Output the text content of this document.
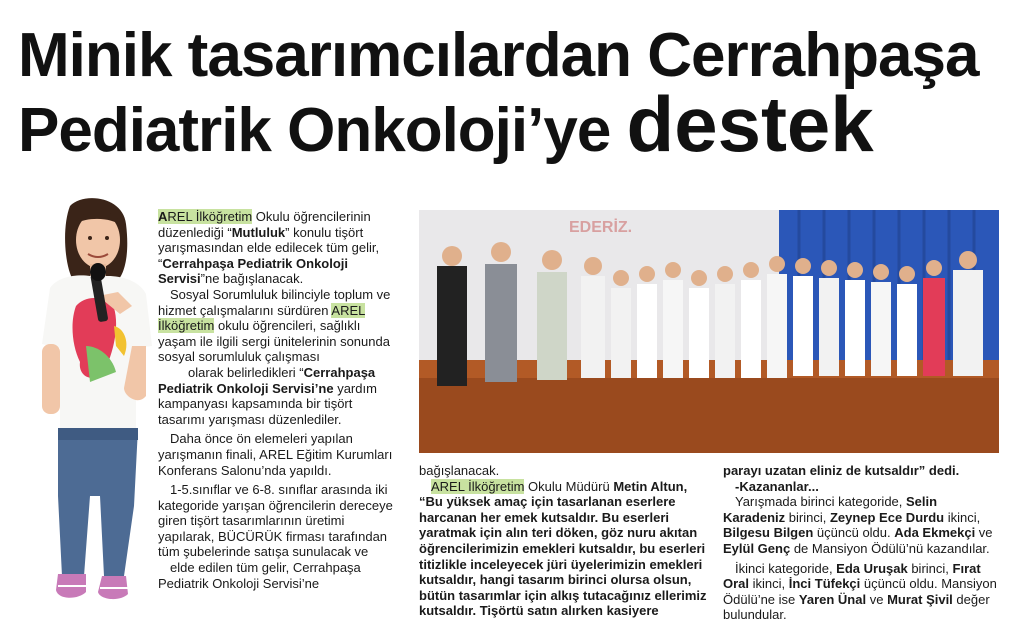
Minik tasarımcılardan Cerrahpaşa
Pediatrik Onkoloji’ye destek

AREL İlköğretim Okulu öğrencilerinin düzenlediği “Mutluluk” konulu tişört yarışmasından elde edilecek tüm gelir, “Cerrahpaşa Pediatrik Onkoloji Servisi”ne bağışlanacak.

Sosyal Sorumluluk bilinciyle toplum ve hizmet çalışmalarını sürdüren AREL İlköğretim okulu öğrencileri, sağlıklı yaşam ile ilgili sergi ünitelerinin sonunda sosyal sorumluluk çalışması

olarak belirledikleri “Cerrahpaşa Pediatrik Onkoloji Servisi’ne yardım kampanyası kapsamında bir tişört tasarımı yarışması düzenlediler.

Daha önce ön elemeleri yapılan yarışmanın finali, AREL Eğitim Kurumları Konferans Salonu’nda yapıldı.

1-5.sınıflar ve 6-8. sınıflar arasında iki kategoride yarışan öğrencilerin dereceye giren tişört tasarımlarının üretimi yapılarak, BÜCÜRÜK firması tarafından tüm şubelerinde satışa sunulacak ve

elde edilen tüm gelir, Cerrahpaşa Pediatrik Onkoloji Servisi’ne

EDERİZ.

bağışlanacak.

AREL İlköğretim Okulu Müdürü Metin Altun, “Bu yüksek amaç için tasarlanan eserlere harcanan her emek kutsaldır. Bu eserleri yaratmak için alın teri döken, göz nuru akıtan öğrencilerimizin emekleri kutsaldır, bu eserleri titizlikle inceleyecek jüri üyelerimizin emekleri kutsaldır, hangi tasarım birinci olursa olsun, bütün tasarımlar için alkış tutacağınız ellerimiz kutsaldır. Tişörtü satın alırken kasiyere

parayı uzatan eliniz de kutsaldır” dedi.

-Kazananlar...

Yarışmada birinci kategoride, Selin Karadeniz birinci, Zeynep Ece Durdu ikinci, Bilgesu Bilgen üçüncü oldu. Ada Ekmekçi ve Eylül Genç de Mansiyon Ödülü’nü kazandılar.

İkinci kategoride, Eda Uruşak birinci, Fırat Oral ikinci, İnci Tüfekçi üçüncü oldu. Mansiyon Ödülü’ne ise Yaren Ünal ve Murat Şivil değer bulundular.
